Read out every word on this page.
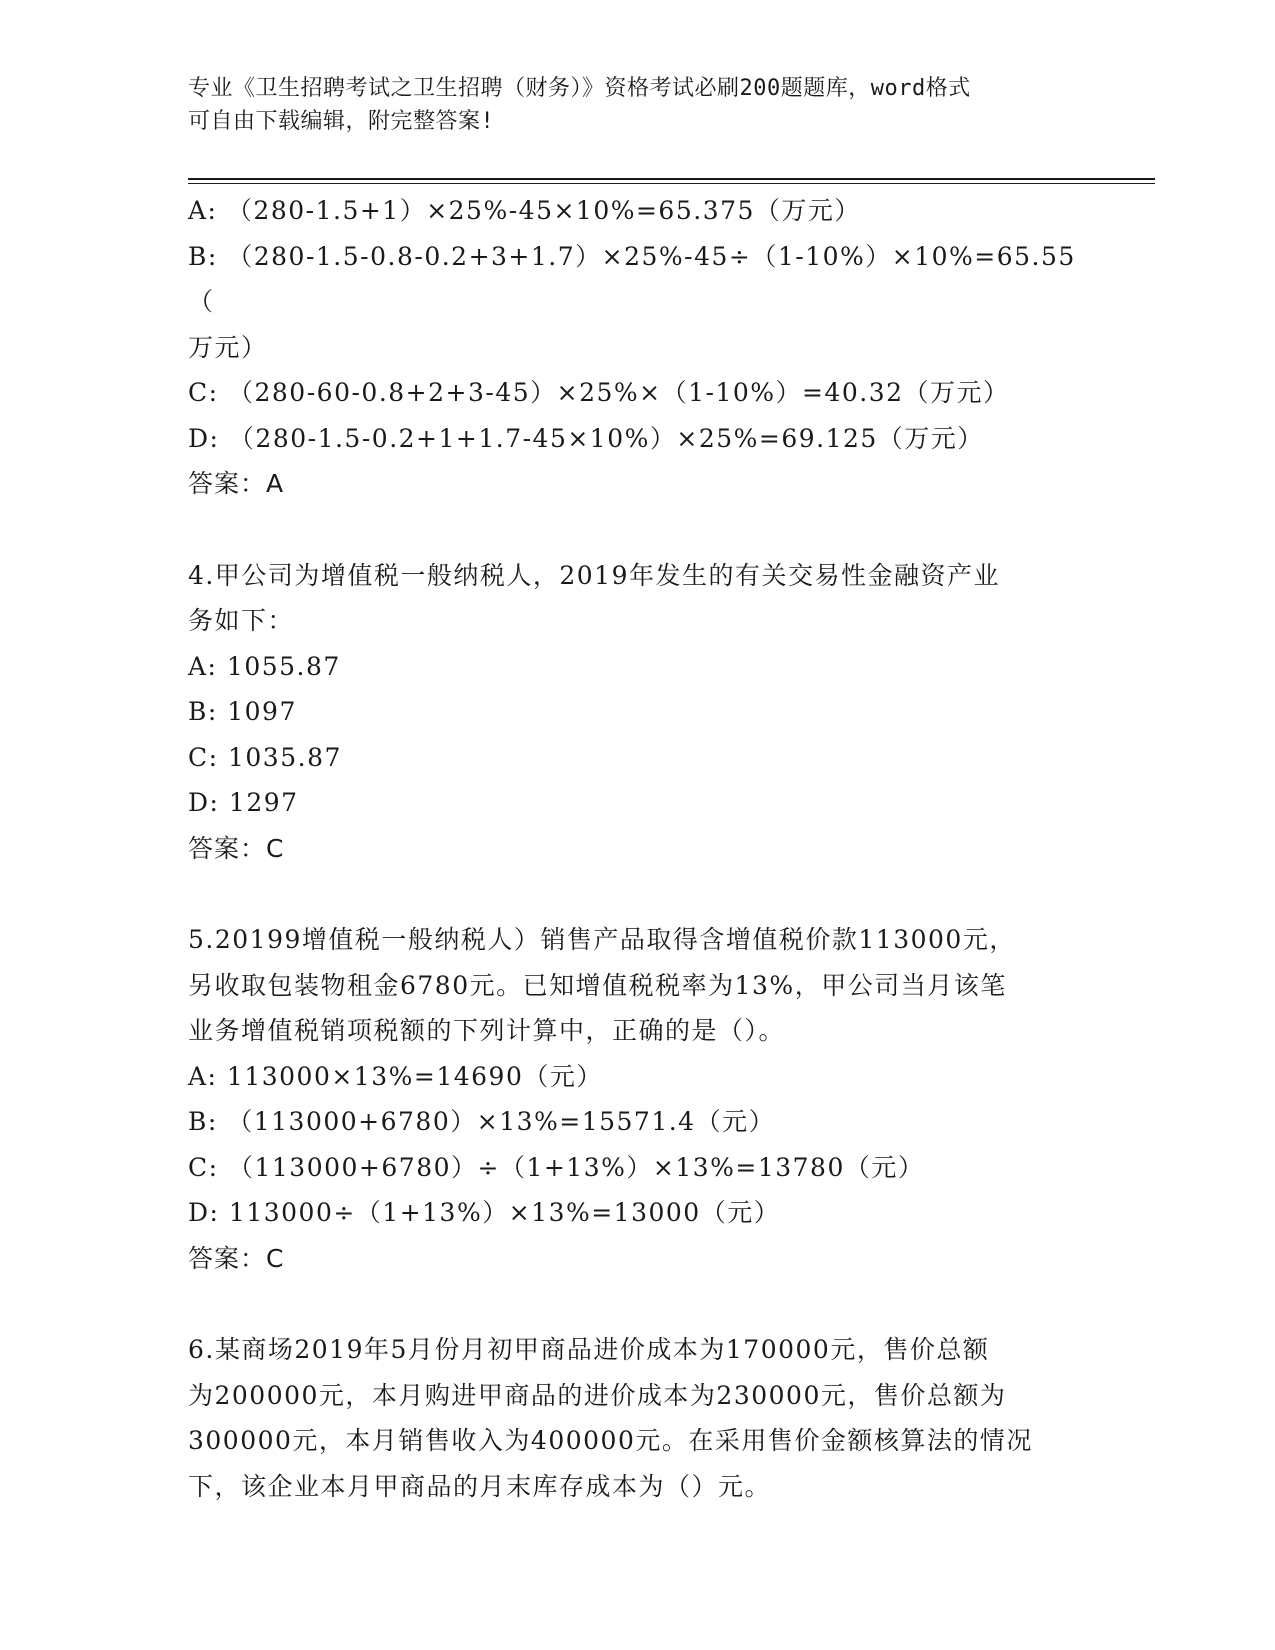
专业《卫生招聘考试之卫生招聘（财务）》资格考试必刷200题题库，word格式
可自由下载编辑，附完整答案!
A: （280-1.5+1）×25%-45×10%=65.375（万元）
B: （280-1.5-0.8-0.2+3+1.7）×25%-45÷（1-10%）×10%=65.55（
万元）
C: （280-60-0.8+2+3-45）×25%×（1-10%）=40.32（万元）
D: （280-1.5-0.2+1+1.7-45×10%）×25%=69.125（万元）
答案：A
4.甲公司为增值税一般纳税人，2019年发生的有关交易性金融资产业
务如下：
A: 1055.87
B: 1097
C: 1035.87
D: 1297
答案：C
5.20199增值税一般纳税人）销售产品取得含增值税价款113000元，
另收取包装物租金6780元。已知增值税税率为13%，甲公司当月该笔
业务增值税销项税额的下列计算中，正确的是（）。
A: 113000×13%=14690（元）
B: （113000+6780）×13%=15571.4（元）
C: （113000+6780）÷（1+13%）×13%=13780（元）
D: 113000÷（1+13%）×13%=13000（元）
答案：C
6.某商场2019年5月份月初甲商品进价成本为170000元，售价总额
为200000元，本月购进甲商品的进价成本为230000元，售价总额为
300000元，本月销售收入为400000元。在采用售价金额核算法的情况
下，该企业本月甲商品的月末库存成本为（）元。
